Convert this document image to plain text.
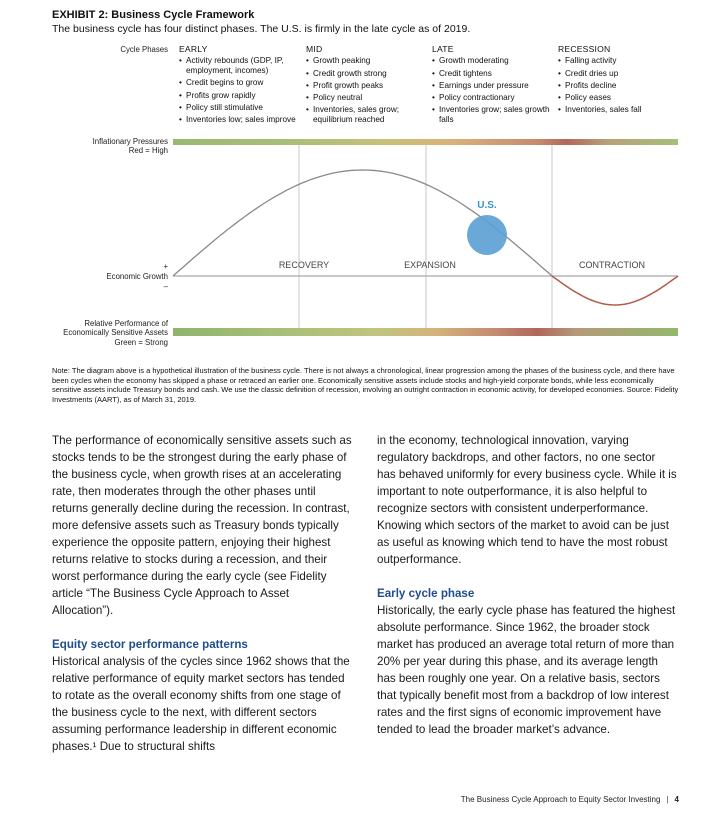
EXHIBIT 2: Business Cycle Framework
The business cycle has four distinct phases. The U.S. is firmly in the late cycle as of 2019.
Cycle Phases
Inflationary Pressures
Red = High
+
Economic Growth
–
Relative Performance of
Economically Sensitive Assets
Green = Strong
EARLY
• Activity rebounds (GDP, IP, employment, incomes)
• Credit begins to grow
• Profits grow rapidly
• Policy still stimulative
• Inventories low; sales improve
MID
• Growth peaking
• Credit growth strong
• Profit growth peaks
• Policy neutral
• Inventories, sales grow; equilibrium reached
LATE
• Growth moderating
• Credit tightens
• Earnings under pressure
• Policy contractionary
• Inventories grow; sales growth falls
RECESSION
• Falling activity
• Credit dries up
• Profits decline
• Policy eases
• Inventories, sales fall
U.S.
RECOVERY	EXPANSION	CONTRACTION
Note: The diagram above is a hypothetical illustration of the business cycle. There is not always a chronological, linear progression among the phases of the business cycle, and there have been cycles when the economy has skipped a phase or retraced an earlier one. Economically sensitive assets include stocks and high-yield corporate bonds, while less economically sensitive assets include Treasury bonds and cash. We use the classic definition of recession, involving an outright contraction in economic activity, for developed economies. Source: Fidelity Investments (AART), as of March 31, 2019.

The performance of economically sensitive assets such as stocks tends to be the strongest during the early phase of the business cycle, when growth rises at an accelerating rate, then moderates through the other phases until returns generally decline during the recession. In contrast, more defensive assets such as Treasury bonds typically experience the opposite pattern, enjoying their highest returns relative to stocks during a recession, and their worst performance during the early cycle (see Fidelity article “The Business Cycle Approach to Asset Allocation”).

Equity sector performance patterns

Historical analysis of the cycles since 1962 shows that the relative performance of equity market sectors has tended to rotate as the overall economy shifts from one stage of the business cycle to the next, with different sectors assuming performance leadership in different economic phases.¹ Due to structural shifts

in the economy, technological innovation, varying regulatory backdrops, and other factors, no one sector has behaved uniformly for every business cycle. While it is important to note outperformance, it is also helpful to recognize sectors with consistent underperformance. Knowing which sectors of the market to avoid can be just as useful as knowing which tend to have the most robust outperformance.

Early cycle phase

Historically, the early cycle phase has featured the highest absolute performance. Since 1962, the broader stock market has produced an average total return of more than 20% per year during this phase, and its average length has been roughly one year. On a relative basis, sectors that typically benefit most from a backdrop of low interest rates and the first signs of economic improvement have tended to lead the broader market’s advance.

The Business Cycle Approach to Equity Sector Investing | 4
